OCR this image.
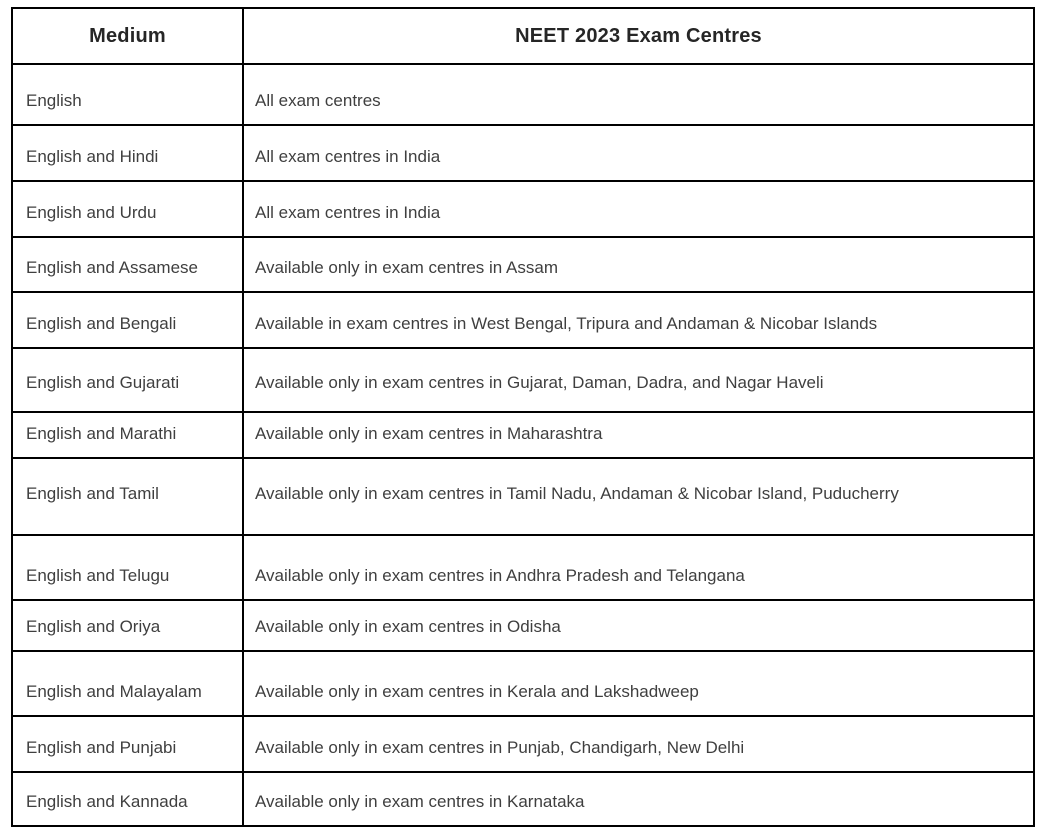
Medium	NEET 2023 Exam Centres
English	All exam centres
English and Hindi	All exam centres in India
English and Urdu	All exam centres in India
English and Assamese	Available only in exam centres in Assam
English and Bengali	Available in exam centres in West Bengal, Tripura and Andaman & Nicobar Islands
English and Gujarati	Available only in exam centres in Gujarat, Daman, Dadra, and Nagar Haveli
English and Marathi	Available only in exam centres in Maharashtra
English and Tamil	Available only in exam centres in Tamil Nadu, Andaman & Nicobar Island, Puducherry
English and Telugu	Available only in exam centres in Andhra Pradesh and Telangana
English and Oriya	Available only in exam centres in Odisha
English and Malayalam	Available only in exam centres in Kerala and Lakshadweep
English and Punjabi	Available only in exam centres in Punjab, Chandigarh, New Delhi
English and Kannada	Available only in exam centres in Karnataka
